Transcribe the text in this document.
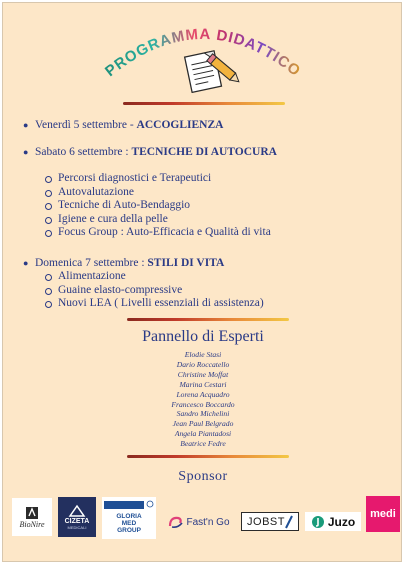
PROGRAMMA DIDATTICO
● Venerdì 5 settembre - ACCOGLIENZA
● Sabato 6 settembre : TECNICHE DI AUTOCURA
Percorsi diagnostici e Terapeutici
Autovalutazione
Tecniche di Auto-Bendaggio
Igiene e cura della pelle
Focus Group : Auto-Efficacia e Qualità di vita
● Domenica 7 settembre : STILI DI VITA
Alimentazione
Guaine elasto-compressive
Nuovi LEA ( Livelli essenziali di assistenza)
Pannello di Esperti
Elodie Stasi
Dario Roccatello
Christine Moffat
Marina Cestari
Lorena Acquadro
Francesco Boccardo
Sandro Michelini
Jean Paul Belgrado
Angela Piantadosi
Beatrice Fedre
Sponsor
BioNire	CIZETA
MEDICALI
GLORIA
MED
GROUP
Fast'n Go JOBST	Juzo
medi
